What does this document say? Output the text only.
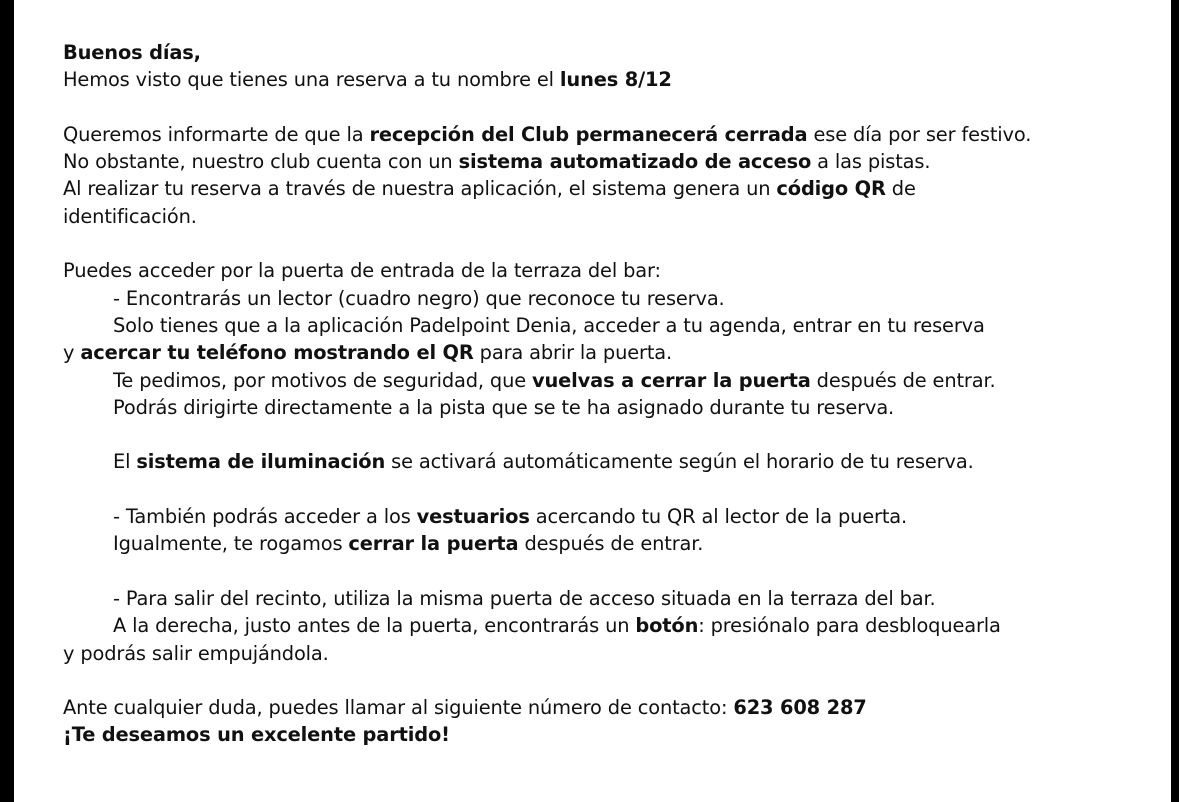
Buenos días,
Hemos visto que tienes una reserva a tu nombre el lunes 8/12
Queremos informarte de que la recepción del Club permanecerá cerrada ese día por ser festivo.
No obstante, nuestro club cuenta con un sistema automatizado de acceso a las pistas.
Al realizar tu reserva a través de nuestra aplicación, el sistema genera un código QR de
identificación.
Puedes acceder por la puerta de entrada de la terraza del bar:
- Encontrarás un lector (cuadro negro) que reconoce tu reserva.
Solo tienes que a la aplicación Padelpoint Denia, acceder a tu agenda, entrar en tu reserva
y acercar tu teléfono mostrando el QR para abrir la puerta.
Te pedimos, por motivos de seguridad, que vuelvas a cerrar la puerta después de entrar.
Podrás dirigirte directamente a la pista que se te ha asignado durante tu reserva.
El sistema de iluminación se activará automáticamente según el horario de tu reserva.
- También podrás acceder a los vestuarios acercando tu QR al lector de la puerta.
Igualmente, te rogamos cerrar la puerta después de entrar.
- Para salir del recinto, utiliza la misma puerta de acceso situada en la terraza del bar.
A la derecha, justo antes de la puerta, encontrarás un botón: presiónalo para desbloquearla
y podrás salir empujándola.
Ante cualquier duda, puedes llamar al siguiente número de contacto: 623 608 287
¡Te deseamos un excelente partido!
